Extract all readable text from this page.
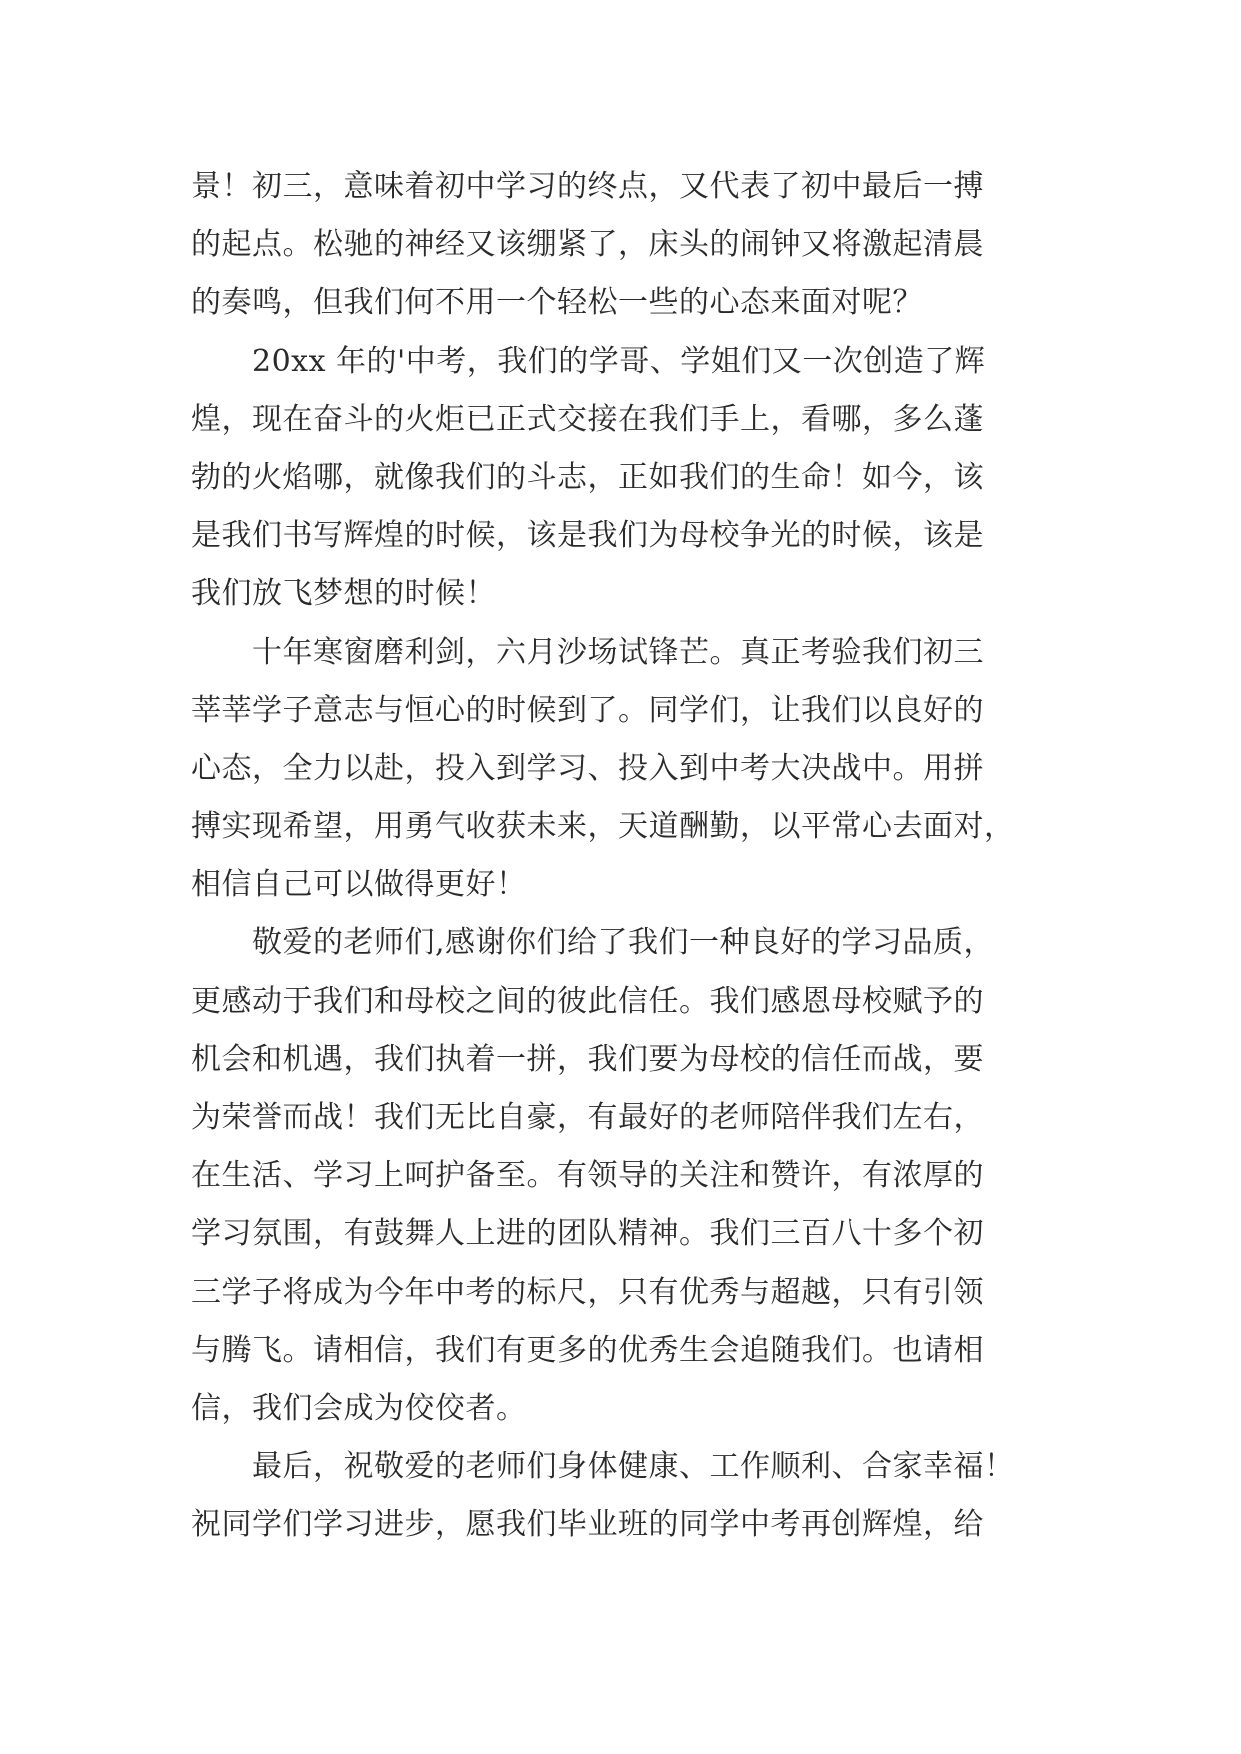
景！初三，意味着初中学习的终点，又代表了初中最后一搏
的起点。松驰的神经又该绷紧了，床头的闹钟又将激起清晨
的奏鸣，但我们何不用一个轻松一些的心态来面对呢？
　　20xx 年的'中考，我们的学哥、学姐们又一次创造了辉
煌，现在奋斗的火炬已正式交接在我们手上，看哪，多么蓬
勃的火焰哪，就像我们的斗志，正如我们的生命！如今，该
是我们书写辉煌的时候，该是我们为母校争光的时候，该是
我们放飞梦想的时候！
　　十年寒窗磨利剑，六月沙场试锋芒。真正考验我们初三
莘莘学子意志与恒心的时候到了。同学们，让我们以良好的
心态，全力以赴，投入到学习、投入到中考大决战中。用拼
搏实现希望，用勇气收获未来，天道酬勤，以平常心去面对，
相信自己可以做得更好！
　　敬爱的老师们,感谢你们给了我们一种良好的学习品质，
更感动于我们和母校之间的彼此信任。我们感恩母校赋予的
机会和机遇，我们执着一拼，我们要为母校的信任而战，要
为荣誉而战！我们无比自豪，有最好的老师陪伴我们左右，
在生活、学习上呵护备至。有领导的关注和赞许，有浓厚的
学习氛围，有鼓舞人上进的团队精神。我们三百八十多个初
三学子将成为今年中考的标尺，只有优秀与超越，只有引领
与腾飞。请相信，我们有更多的优秀生会追随我们。也请相
信，我们会成为佼佼者。
　　最后，祝敬爱的老师们身体健康、工作顺利、合家幸福！
祝同学们学习进步，愿我们毕业班的同学中考再创辉煌，给
